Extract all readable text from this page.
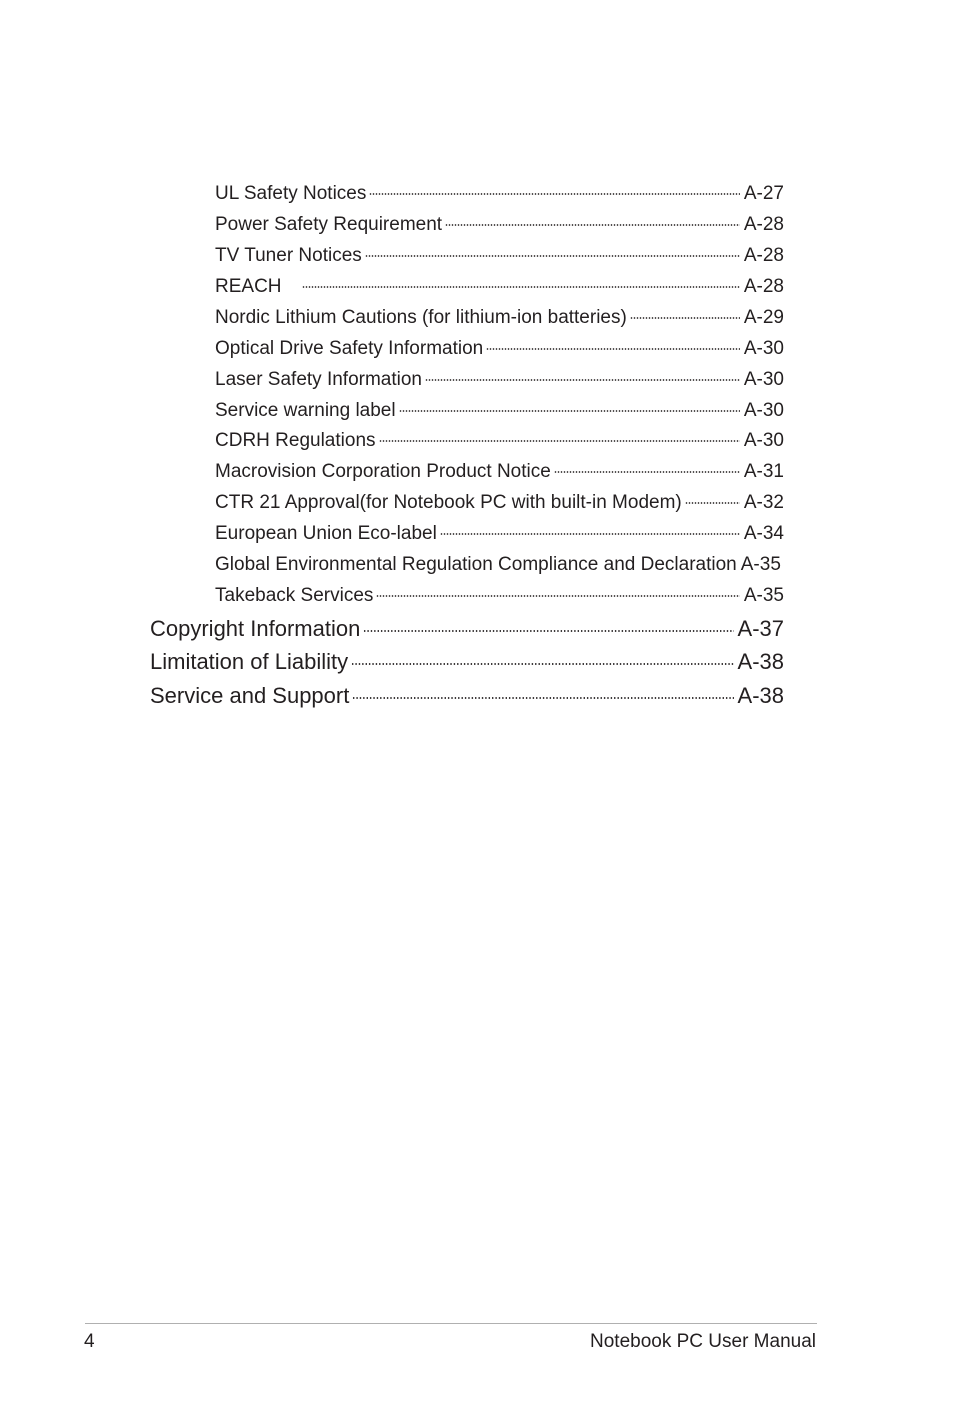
UL Safety Notices	A-27
Power Safety Requirement	A-28
TV Tuner Notices	A-28
REACH	A-28
Nordic Lithium Cautions (for lithium-ion batteries)	A-29
Optical Drive Safety Information	A-30
Laser Safety Information	A-30
Service warning label	A-30
CDRH Regulations	A-30
Macrovision Corporation Product Notice	A-31
CTR 21 Approval(for Notebook PC with built-in Modem)	A-32
European Union Eco-label	A-34
Global Environmental Regulation Compliance and Declaration A-35
Takeback Services	A-35
Copyright Information	A-37
Limitation of Liability	A-38
Service and Support	A-38
4	Notebook PC User Manual
